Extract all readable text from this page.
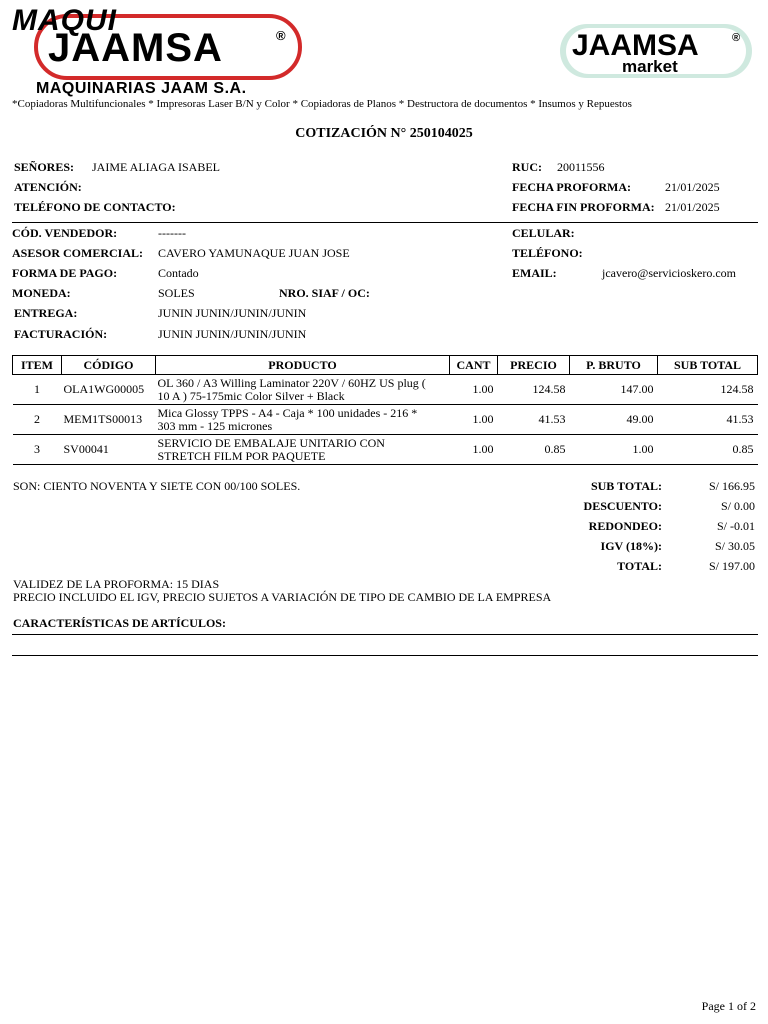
MAQUI
JAAMSA	®
MAQUINARIAS JAAM S.A.
JAAMSA	®
market
*Copiadoras Multifuncionales * Impresoras Laser B/N y Color * Copiadoras de Planos * Destructora de documentos * Insumos y Repuestos
COTIZACIÓN N° 250104025
SEÑORES: JAIME ALIAGA ISABEL
ATENCIÓN:
TELÉFONO DE CONTACTO:
RUC: 20011556
FECHA PROFORMA:	21/01/2025
FECHA FIN PROFORMA: 21/01/2025
CÓD. VENDEDOR:	-------
ASESOR COMERCIAL: CAVERO YAMUNAQUE JUAN JOSE
FORMA DE PAGO:	Contado
MONEDA:	SOLES	NRO. SIAF / OC:
ENTREGA:	JUNIN JUNIN/JUNIN/JUNIN
FACTURACIÓN:	JUNIN JUNIN/JUNIN/JUNIN
CELULAR:
TELÉFONO:
EMAIL:	jcavero@servicioskero.com
ITEM	CÓDIGO	PRODUCTO	CANT	PRECIO	P. BRUTO	SUB TOTAL
1	OLA1WG00005	OL 360 / A3 Willing Laminator 220V / 60HZ US plug (
10 A ) 75-175mic Color Silver + Black	1.00	124.58	147.00	124.58
2	MEM1TS00013	Mica Glossy TPPS - A4 - Caja * 100 unidades - 216 *
303 mm - 125 micrones	1.00	41.53	49.00	41.53
3	SV00041	SERVICIO DE EMBALAJE UNITARIO CON
STRETCH FILM POR PAQUETE	1.00	0.85	1.00	0.85
SON: CIENTO NOVENTA Y SIETE CON 00/100 SOLES.	SUB TOTAL:	S/ 166.95
DESCUENTO:	S/ 0.00
REDONDEO:	S/ -0.01
IGV (18%):	S/ 30.05
TOTAL:	S/ 197.00
VALIDEZ DE LA PROFORMA: 15 DIAS
PRECIO INCLUIDO EL IGV, PRECIO SUJETOS A VARIACIÓN DE TIPO DE CAMBIO DE LA EMPRESA
CARACTERÍSTICAS DE ARTÍCULOS:
Page 1 of 2
